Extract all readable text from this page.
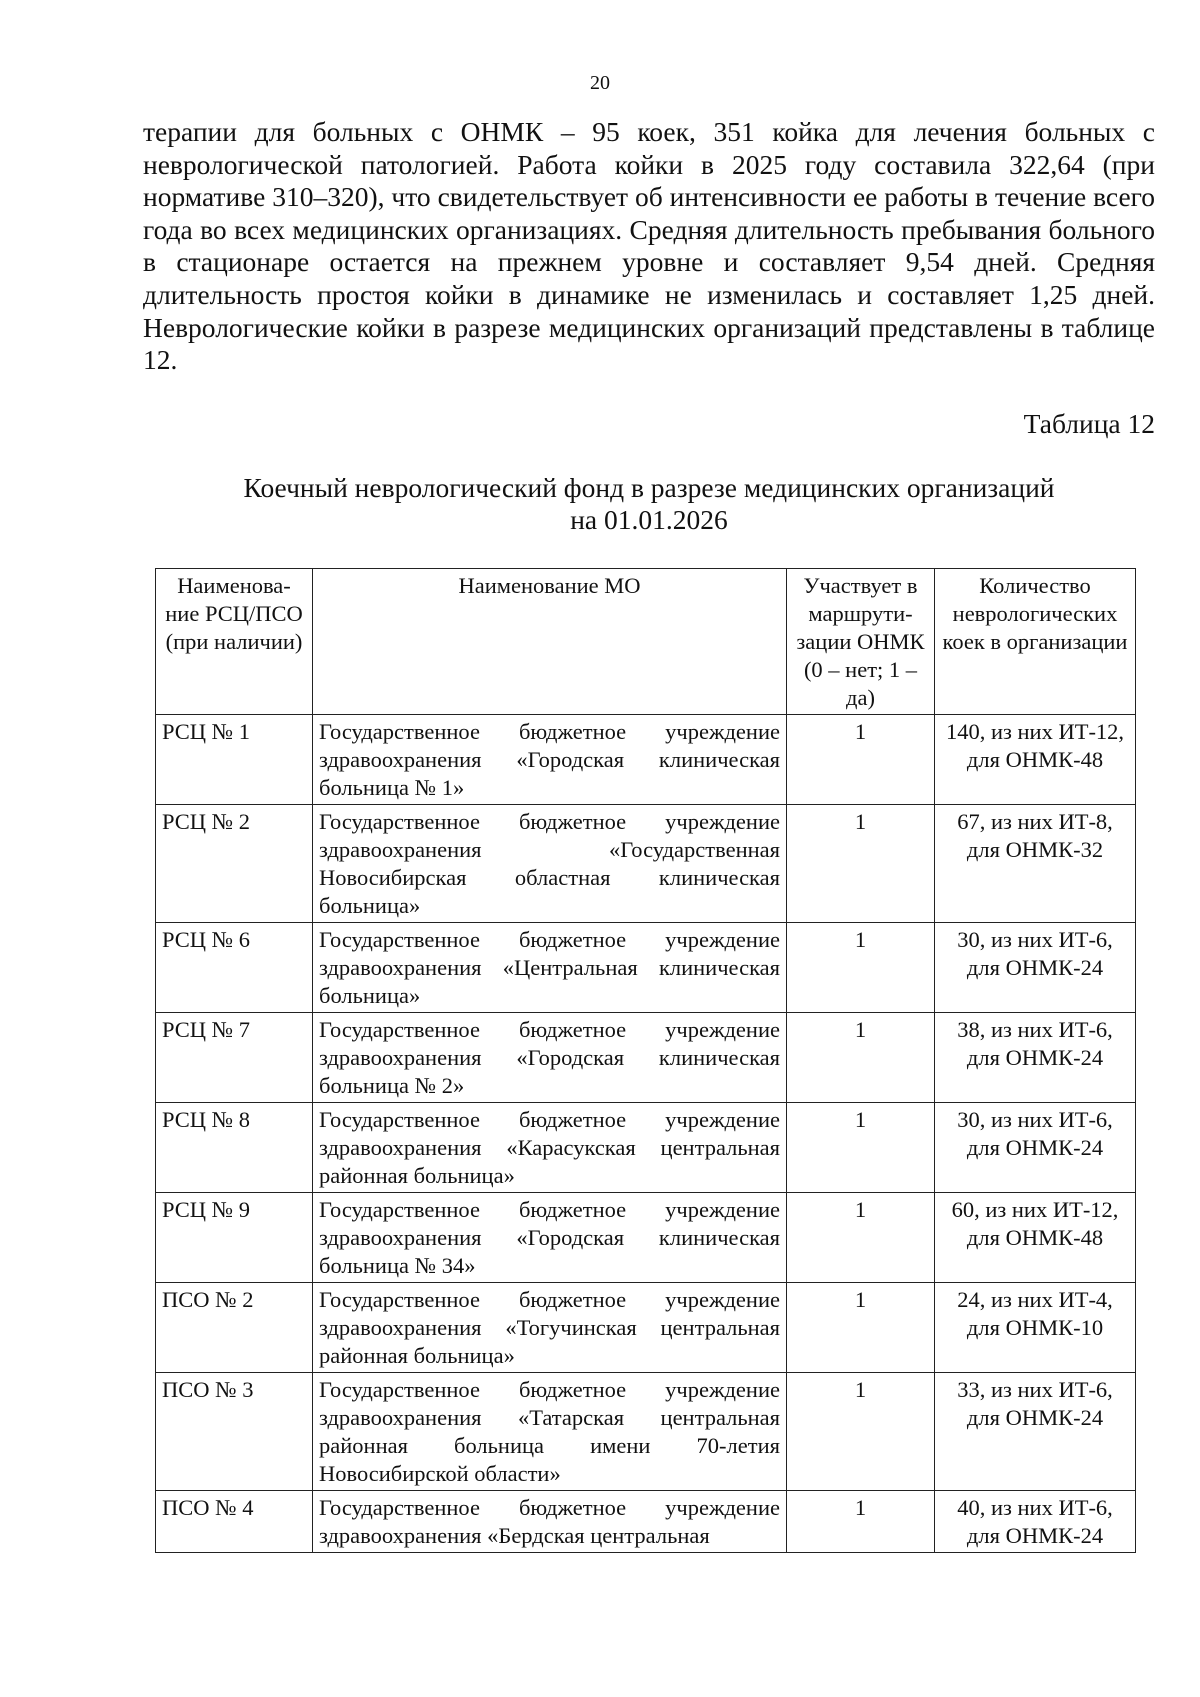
20

терапии для больных с ОНМК – 95 коек, 351 койка для лечения больных с неврологической патологией. Работа койки в 2025 году составила 322,64 (при нормативе 310–320), что свидетельствует об интенсивности ее работы в течение всего года во всех медицинских организациях. Средняя длительность пребывания больного в стационаре остается на прежнем уровне и составляет 9,54 дней. Средняя длительность простоя койки в динамике не изменилась и составляет 1,25 дней. Неврологические койки в разрезе медицинских организаций представлены в таблице 12.

Таблица 12
Коечный неврологический фонд в разрезе медицинских организаций
на 01.01.2026
Наименова-ние РСЦ/ПСО (при наличии)	Наименование МО	Участвует в маршрути-зации ОНМК (0 – нет; 1 – да)	Количество неврологических коек в организации
РСЦ № 1	Государственное бюджетное учреждение здравоохранения «Городская клиническая больница № 1»	1	140, из них ИТ-12, для ОНМК-48
РСЦ № 2	Государственное бюджетное учреждение здравоохранения «Государственная Новосибирская областная клиническая больница»	1	67, из них ИТ-8, для ОНМК-32
РСЦ № 6	Государственное бюджетное учреждение здравоохранения «Центральная клиническая больница»	1	30, из них ИТ-6, для ОНМК-24
РСЦ № 7	Государственное бюджетное учреждение здравоохранения «Городская клиническая больница № 2»	1	38, из них ИТ-6, для ОНМК-24
РСЦ № 8	Государственное бюджетное учреждение здравоохранения «Карасукская центральная районная больница»	1	30, из них ИТ-6, для ОНМК-24
РСЦ № 9	Государственное бюджетное учреждение здравоохранения «Городская клиническая больница № 34»	1	60, из них ИТ-12, для ОНМК-48
ПСО № 2	Государственное бюджетное учреждение здравоохранения «Тогучинская центральная районная больница»	1	24, из них ИТ-4, для ОНМК-10
ПСО № 3	Государственное бюджетное учреждение здравоохранения «Татарская центральная районная больница имени 70-летия Новосибирской области»	1	33, из них ИТ-6, для ОНМК-24
ПСО № 4	Государственное бюджетное учреждение здравоохранения «Бердская центральная	1	40, из них ИТ-6, для ОНМК-24
